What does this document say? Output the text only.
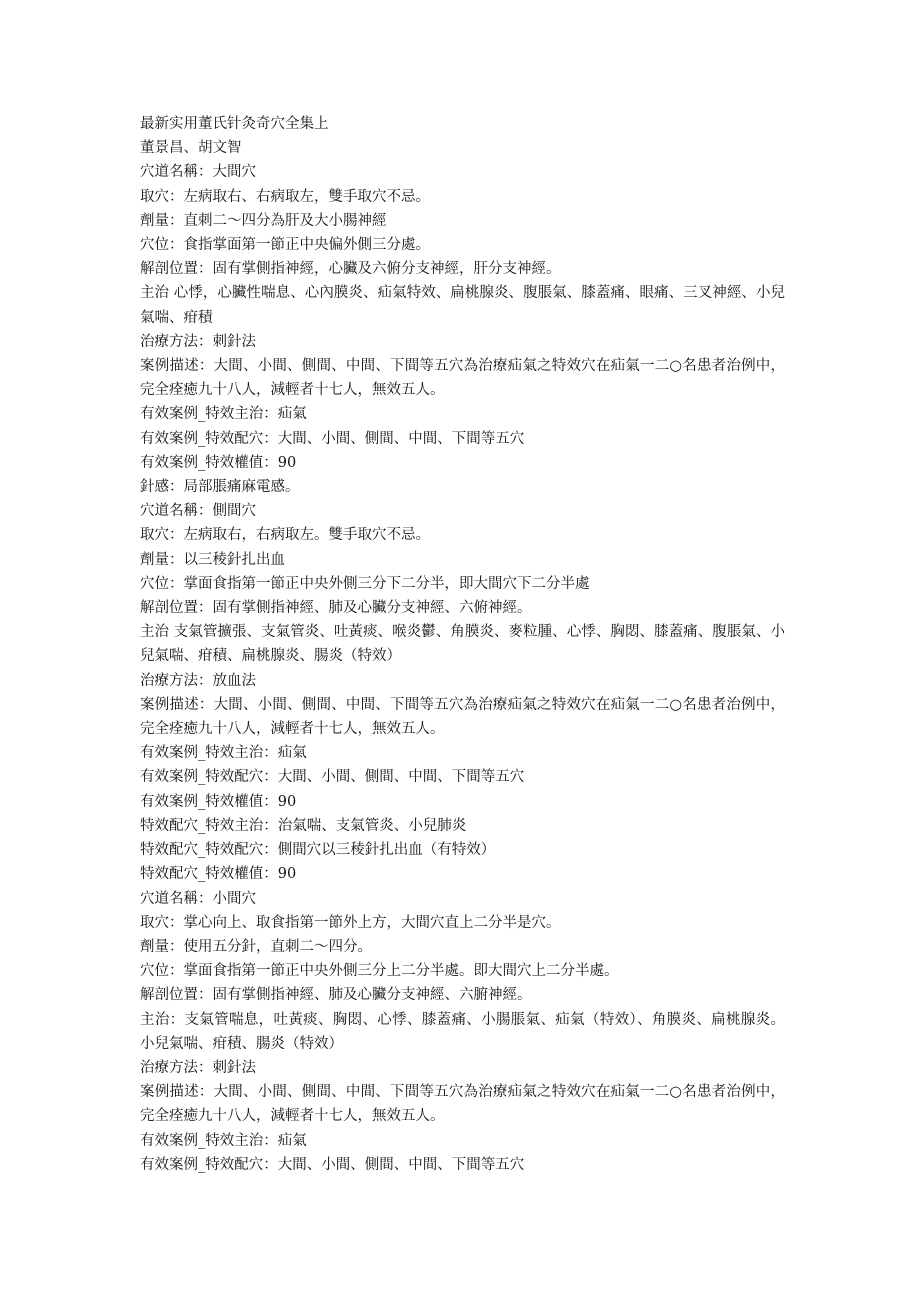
最新实用董氏针灸奇穴全集上

董景昌、胡文智

穴道名稱：大間穴

取穴：左病取右、右病取左，雙手取穴不忌。

劑量：直刺二～四分為肝及大小腸神經

穴位：食指掌面第一節正中央偏外側三分處。

解剖位置：固有掌側指神經，心臟及六俯分支神經，肝分支神經。

主治 心悸，心臟性喘息、心內膜炎、疝氣特效、扁桃腺炎、腹脹氣、膝蓋痛、眼痛、三叉神經、小兒氣喘、疳積

治療方法：刺針法

案例描述：大間、小間、側間、中間、下間等五穴為治療疝氣之特效穴在疝氣一二○名患者治例中，完全痊癒九十八人，減輕者十七人，無效五人。

有效案例_特效主治：疝氣

有效案例_特效配穴：大間、小間、側間、中間、下間等五穴

有效案例_特效權值：90

針感：局部脹痛麻電感。

穴道名稱：側間穴

取穴：左病取右，右病取左。雙手取穴不忌。

劑量：以三稜針扎出血

穴位：掌面食指第一節正中央外側三分下二分半，即大間穴下二分半處

解剖位置：固有掌側指神經、肺及心臟分支神經、六俯神經。

主治 支氣管擴張、支氣管炎、吐黃痰、喉炎鬱、角膜炎、麥粒腫、心悸、胸悶、膝蓋痛、腹脹氣、小兒氣喘、疳積、扁桃腺炎、腸炎（特效）

治療方法：放血法

案例描述：大間、小間、側間、中間、下間等五穴為治療疝氣之特效穴在疝氣一二○名患者治例中，完全痊癒九十八人，減輕者十七人，無效五人。

有效案例_特效主治：疝氣

有效案例_特效配穴：大間、小間、側間、中間、下間等五穴

有效案例_特效權值：90

特效配穴_特效主治：治氣喘、支氣管炎、小兒肺炎

特效配穴_特效配穴：側間穴以三稜針扎出血（有特效）

特效配穴_特效權值：90

穴道名稱：小間穴

取穴：掌心向上、取食指第一節外上方，大間穴直上二分半是穴。

劑量：使用五分針，直刺二～四分。

穴位：掌面食指第一節正中央外側三分上二分半處。即大間穴上二分半處。

解剖位置：固有掌側指神經、肺及心臟分支神經、六腑神經。

主治：支氣管喘息，吐黃痰、胸悶、心悸、膝蓋痛、小腸脹氣、疝氣（特效）、角膜炎、扁桃腺炎。小兒氣喘、疳積、腸炎（特效）

治療方法：刺針法

案例描述：大間、小間、側間、中間、下間等五穴為治療疝氣之特效穴在疝氣一二○名患者治例中，完全痊癒九十八人，減輕者十七人，無效五人。

有效案例_特效主治：疝氣

有效案例_特效配穴：大間、小間、側間、中間、下間等五穴
